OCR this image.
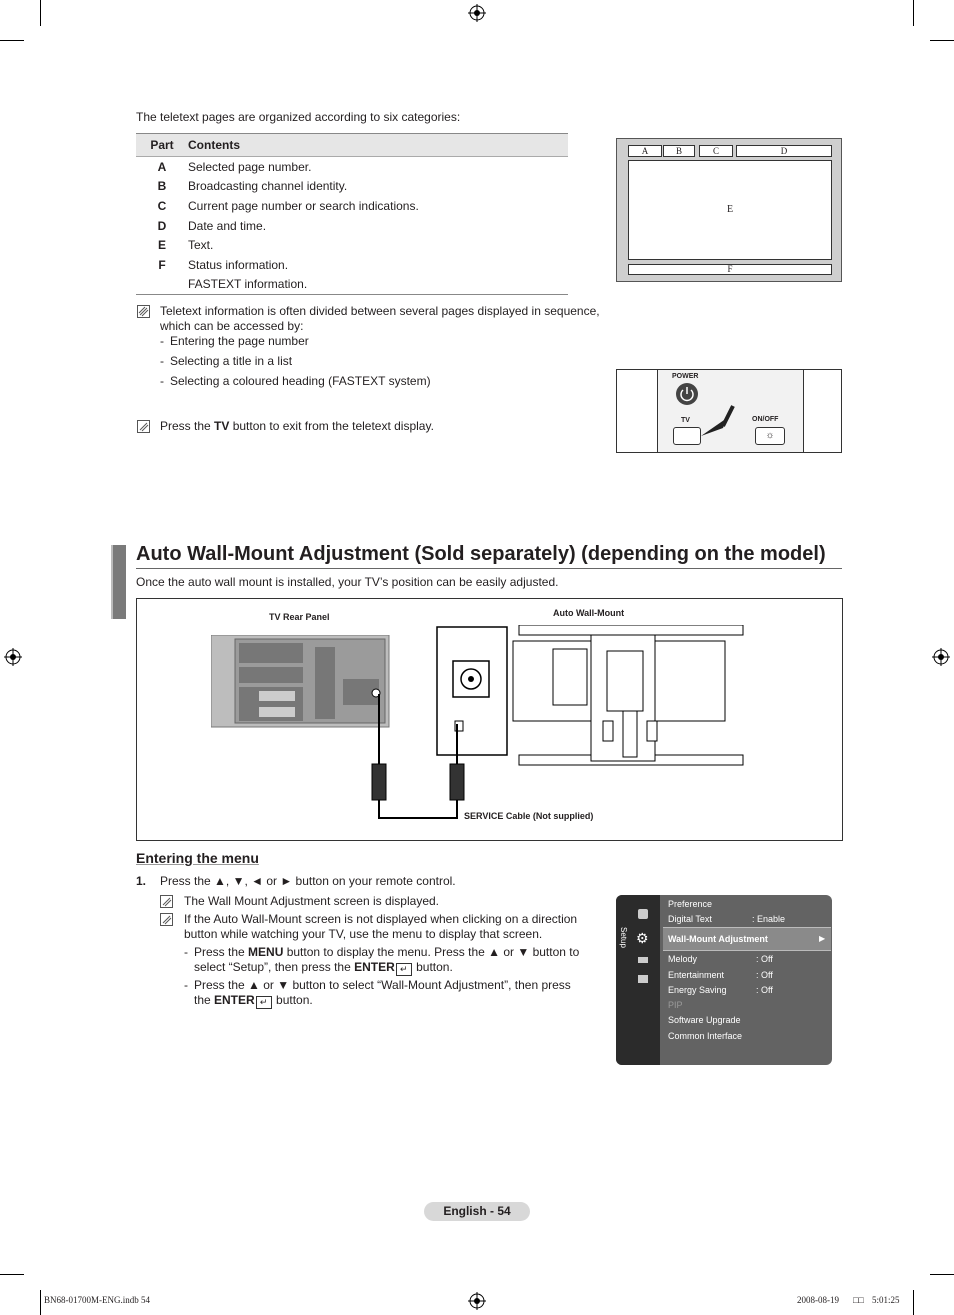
The teletext pages are organized according to six categories:
Part	Contents
A	Selected page number.
B	Broadcasting channel identity.
C	Current page number or search indications.
D	Date and time.
E	Text.
F	Status information.
	FASTEXT information.
A	B	C	D
E
F
Teletext information is often divided between several pages displayed in sequence,
which can be accessed by:
- Entering the page number
- Selecting a title in a list
- Selecting a coloured heading (FASTEXT system)
Press the TV button to exit from the teletext display.
POWER
TV	ON/OFF
☼
Auto Wall-Mount Adjustment (Sold separately) (depending on the model)
Once the auto wall mount is installed, your TV’s position can be easily adjusted.
TV Rear Panel	Auto Wall-Mount
SERVICE Cable (Not supplied)
Entering the menu
1. Press the ▲, ▼, ◄ or ► button on your remote control.
The Wall Mount Adjustment screen is displayed.
If the Auto Wall-Mount screen is not displayed when clicking on a direction
button while watching your TV, use the menu to display that screen.
- Press the MENU button to display the menu. Press the ▲ or ▼ button to
select “Setup”, then press the ENTER ↵ button.
- Press the ▲ or ▼ button to select “Wall-Mount Adjustment”, then press
the ENTER ↵ button.
Setup ⚙
Preference
Digital Text	: Enable
Wall-Mount Adjustment	▶
Melody	: Off
Entertainment	: Off
Energy Saving	: Off
PIP
Software Upgrade
Common Interface
English - 54
BN68-01700M-ENG.indb 54	2008-08-19 □□ 5:01:25
